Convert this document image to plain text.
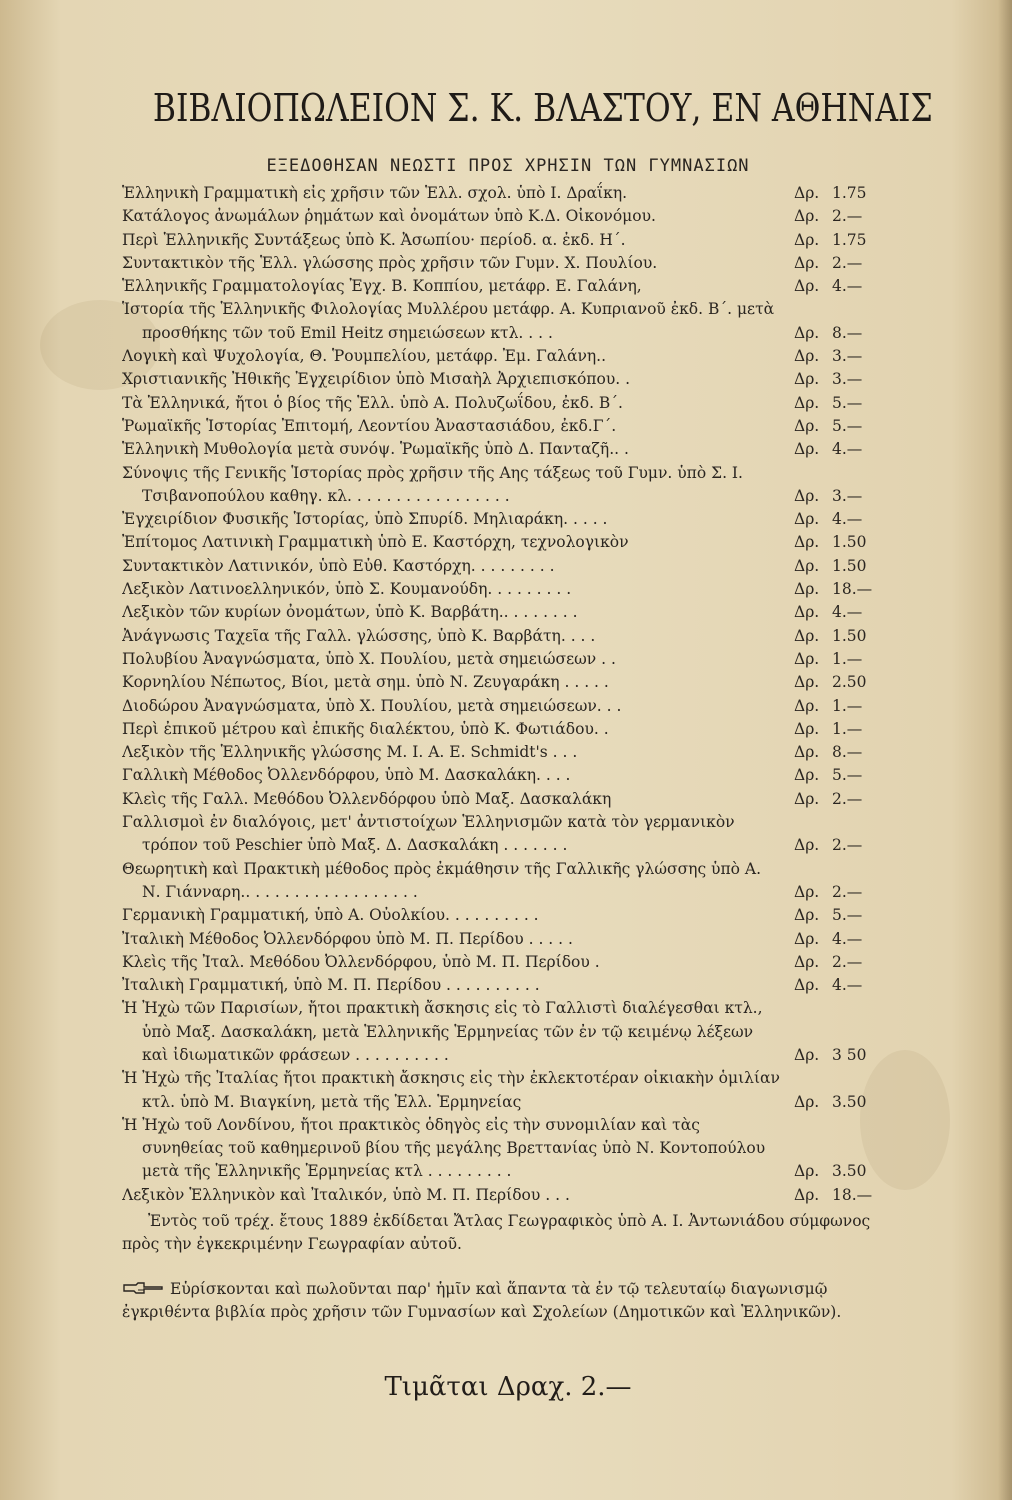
ΒΙΒΛΙΟΠΩΛΕΙΟΝ Σ. Κ. ΒΛΑΣΤΟΥ, ΕΝ ΑΘΗΝΑΙΣ
ΕΞΕΔΟΘΗΣΑΝ ΝΕΩΣΤΙ ΠΡΟΣ ΧΡΗΣΙΝ ΤΩΝ ΓΥΜΝΑΣΙΩΝ
Ἑλληνικὴ Γραμματικὴ εἰς χρῆσιν τῶν Ἑλλ. σχολ. ὑπὸ Ι. Δραΐκη.	Δρ. 1.75
Κατάλογος ἀνωμάλων ῥημάτων καὶ ὀνομάτων ὑπὸ Κ.Δ. Οἰκονόμου.	Δρ. 2.—
Περὶ Ἑλληνικῆς Συντάξεως ὑπὸ Κ. Ἀσωπίου· περίοδ. α. ἐκδ. Η΄.	Δρ. 1.75
Συντακτικὸν τῆς Ἑλλ. γλώσσης πρὸς χρῆσιν τῶν Γυμν. Χ. Πουλίου.	Δρ. 2.—
Ἑλληνικῆς Γραμματολογίας Ἐγχ. Β. Κοππίου, μετάφρ. Ε. Γαλάνη,	Δρ. 4.—
Ἱστορία τῆς Ἑλληνικῆς Φιλολογίας Μυλλέρου μετάφρ. Α. Κυπριανοῦ ἐκδ. Β΄. μετὰ προσθήκης τῶν τοῦ Emil Heitz σημειώσεων κτλ. . . .	Δρ. 8.—
Λογικὴ καὶ Ψυχολογία, Θ. Ῥουμπελίου, μετάφρ. Ἐμ. Γαλάνη..	Δρ. 3.—
Χριστιανικῆς Ἠθικῆς Ἐγχειρίδιον ὑπὸ Μισαὴλ Ἀρχιεπισκόπου. .	Δρ. 3.—
Τὰ Ἑλληνικά, ἤτοι ὁ βίος τῆς Ἑλλ. ὑπὸ Α. Πολυζωΐδου, ἐκδ. Β΄.	Δρ. 5.—
Ῥωμαϊκῆς Ἱστορίας Ἐπιτομή, Λεοντίου Ἀναστασιάδου, ἐκδ.Γ΄.	Δρ. 5.—
Ἑλληνικὴ Μυθολογία μετὰ συνόψ. Ῥωμαϊκῆς ὑπὸ Δ. Πανταζῆ.. .	Δρ. 4.—
Σύνοψις τῆς Γενικῆς Ἱστορίας πρὸς χρῆσιν τῆς Αης τάξεως τοῦ Γυμν. ὑπὸ Σ. Ι. Τσιβανοπούλου καθηγ. κλ. . . . . . . . . . . . . . . . .	Δρ. 3.—
Ἐγχειρίδιον Φυσικῆς Ἱστορίας, ὑπὸ Σπυρίδ. Μηλιαράκη. . . . .	Δρ. 4.—
Ἐπίτομος Λατινικὴ Γραμματικὴ ὑπὸ Ε. Καστόρχη, τεχνολογικὸν	Δρ. 1.50
Συντακτικὸν Λατινικόν, ὑπὸ Εὐθ. Καστόρχη. . . . . . . . .	Δρ. 1.50
Λεξικὸν Λατινοελληνικόν, ὑπὸ Σ. Κουμανούδη. . . . . . . . .	Δρ. 18.—
Λεξικὸν τῶν κυρίων ὀνομάτων, ὑπὸ Κ. Βαρβάτη.. . . . . . . .	Δρ. 4.—
Ἀνάγνωσις Ταχεῖα τῆς Γαλλ. γλώσσης, ὑπὸ Κ. Βαρβάτη. . . .	Δρ. 1.50
Πολυβίου Ἀναγνώσματα, ὑπὸ Χ. Πουλίου, μετὰ σημειώσεων . .	Δρ. 1.—
Κορνηλίου Νέπωτος, Βίοι, μετὰ σημ. ὑπὸ Ν. Ζευγαράκη . . . . .	Δρ. 2.50
Διοδώρου Ἀναγνώσματα, ὑπὸ Χ. Πουλίου, μετὰ σημειώσεων. . .	Δρ. 1.—
Περὶ ἐπικοῦ μέτρου καὶ ἐπικῆς διαλέκτου, ὑπὸ Κ. Φωτιάδου. .	Δρ. 1.—
Λεξικὸν τῆς Ἑλληνικῆς γλώσσης Μ. Ι. Α. Ε. Schmidt's . . .	Δρ. 8.—
Γαλλικὴ Μέθοδος Ὀλλενδόρφου, ὑπὸ Μ. Δασκαλάκη. . . .	Δρ. 5.—
Κλεὶς τῆς Γαλλ. Μεθόδου Ὀλλενδόρφου ὑπὸ Μαξ. Δασκαλάκη	Δρ. 2.—
Γαλλισμοὶ ἐν διαλόγοις, μετ' ἀντιστοίχων Ἑλληνισμῶν κατὰ τὸν γερμανικὸν τρόπον τοῦ Peschier ὑπὸ Μαξ. Δ. Δασκαλάκη . . . . . . .	Δρ. 2.—
Θεωρητικὴ καὶ Πρακτικὴ μέθοδος πρὸς ἐκμάθησιν τῆς Γαλλικῆς γλώσσης ὑπὸ Α. Ν. Γιάνναρη.. . . . . . . . . . . . . . . . . .	Δρ. 2.—
Γερμανικὴ Γραμματική, ὑπὸ Α. Οὐολκίου. . . . . . . . . .	Δρ. 5.—
Ἰταλικὴ Μέθοδος Ὀλλενδόρφου ὑπὸ Μ. Π. Περίδου . . . . .	Δρ. 4.—
Κλεὶς τῆς Ἰταλ. Μεθόδου Ὀλλενδόρφου, ὑπὸ Μ. Π. Περίδου .	Δρ. 2.—
Ἰταλικὴ Γραμματική, ὑπὸ Μ. Π. Περίδου . . . . . . . . . .	Δρ. 4.—
Ἡ Ἠχὼ τῶν Παρισίων, ἤτοι πρακτικὴ ἄσκησις εἰς τὸ Γαλλιστὶ διαλέγεσθαι κτλ., ὑπὸ Μαξ. Δασκαλάκη, μετὰ Ἑλληνικῆς Ἑρμηνείας τῶν ἐν τῷ κειμένῳ λέξεων καὶ ἰδιωματικῶν φράσεων . . . . . . . . . .	Δρ. 3 50
Ἡ Ἠχὼ τῆς Ἰταλίας ἤτοι πρακτικὴ ἄσκησις εἰς τὴν ἐκλεκτοτέραν οἰκιακὴν ὁμιλίαν κτλ. ὑπὸ Μ. Βιαγκίνη, μετὰ τῆς Ἑλλ. Ἑρμηνείας	Δρ. 3.50
Ἡ Ἠχὼ τοῦ Λονδίνου, ἤτοι πρακτικὸς ὁδηγὸς εἰς τὴν συνομιλίαν καὶ τὰς συνηθείας τοῦ καθημερινοῦ βίου τῆς μεγάλης Βρεττανίας ὑπὸ Ν. Κοντοπούλου μετὰ τῆς Ἑλληνικῆς Ἑρμηνείας κτλ . . . . . . . . .	Δρ. 3.50
Λεξικὸν Ἑλληνικὸν καὶ Ἰταλικόν, ὑπὸ Μ. Π. Περίδου . . .	Δρ. 18.—
Ἐντὸς τοῦ τρέχ. ἔτους 1889 ἐκδίδεται Ἄτλας Γεωγραφικὸς ὑπὸ Α. Ι. Ἀντωνιάδου σύμφωνος πρὸς τὴν ἐγκεκριμένην Γεωγραφίαν αὐτοῦ.
Εὑρίσκονται καὶ πωλοῦνται παρ' ἡμῖν καὶ ἅπαντα τὰ ἐν τῷ τελευταίῳ διαγωνισμῷ ἐγκριθέντα βιβλία πρὸς χρῆσιν τῶν Γυμνασίων καὶ Σχολείων (Δημοτικῶν καὶ Ἑλληνικῶν).
Τιμᾶται Δραχ. 2.—
